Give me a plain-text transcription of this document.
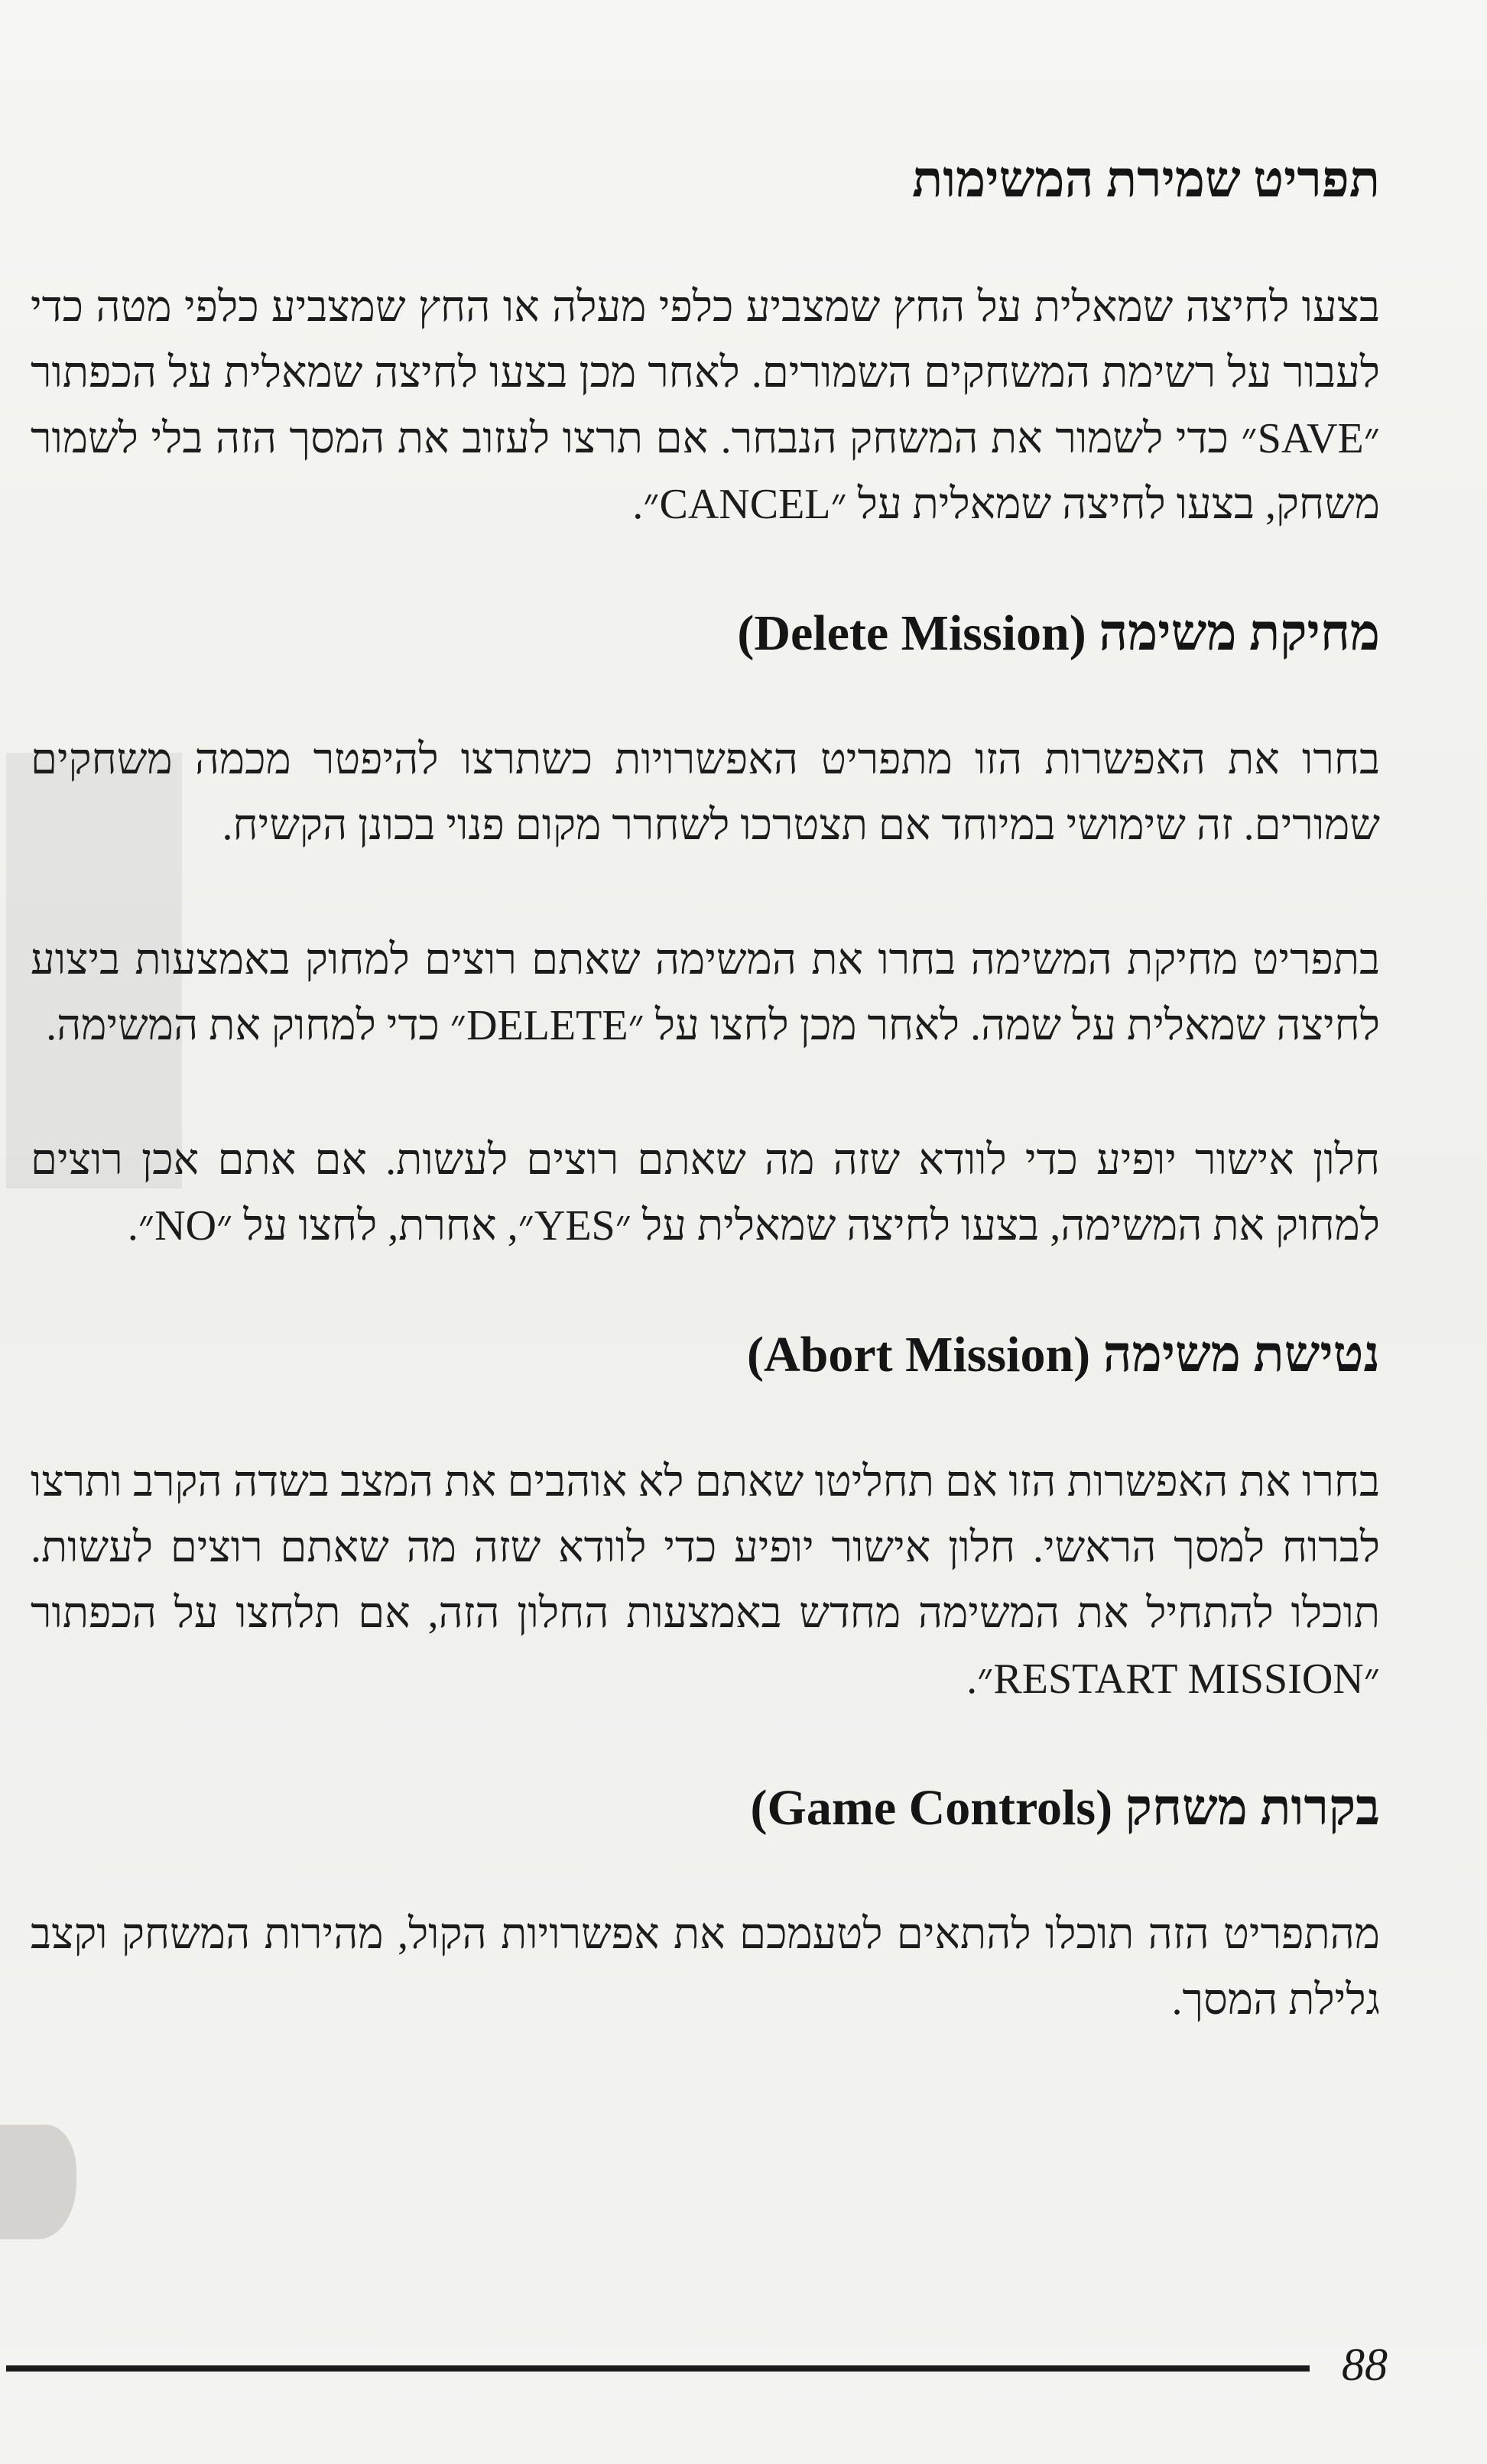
תפריט שמירת המשימות

בצעו לחיצה שמאלית על החץ שמצביע כלפי מעלה או החץ שמצביע כלפי מטה כדי לעבור על רשימת המשחקים השמורים. לאחר מכן בצעו לחיצה שמאלית על הכפתור ״SAVE״ כדי לשמור את המשחק הנבחר. אם תרצו לעזוב את המסך הזה בלי לשמור משחק, בצעו לחיצה שמאלית על ״CANCEL״.

מחיקת משימה (Delete Mission)

בחרו את האפשרות הזו מתפריט האפשרויות כשתרצו להיפטר מכמה משחקים שמורים. זה שימושי במיוחד אם תצטרכו לשחרר מקום פנוי בכונן הקשיח.

בתפריט מחיקת המשימה בחרו את המשימה שאתם רוצים למחוק באמצעות ביצוע לחיצה שמאלית על שמה. לאחר מכן לחצו על ״DELETE״ כדי למחוק את המשימה.

חלון אישור יופיע כדי לוודא שזה מה שאתם רוצים לעשות. אם אתם אכן רוצים למחוק את המשימה, בצעו לחיצה שמאלית על ״YES״, אחרת, לחצו על ״NO״.

נטישת משימה (Abort Mission)

בחרו את האפשרות הזו אם תחליטו שאתם לא אוהבים את המצב בשדה הקרב ותרצו לברוח למסך הראשי. חלון אישור יופיע כדי לוודא שזה מה שאתם רוצים לעשות. תוכלו להתחיל את המשימה מחדש באמצעות החלון הזה, אם תלחצו על הכפתור ״RESTART MISSION״.

בקרות משחק (Game Controls)

מהתפריט הזה תוכלו להתאים לטעמכם את אפשרויות הקול, מהירות המשחק וקצב גלילת המסך.

88
